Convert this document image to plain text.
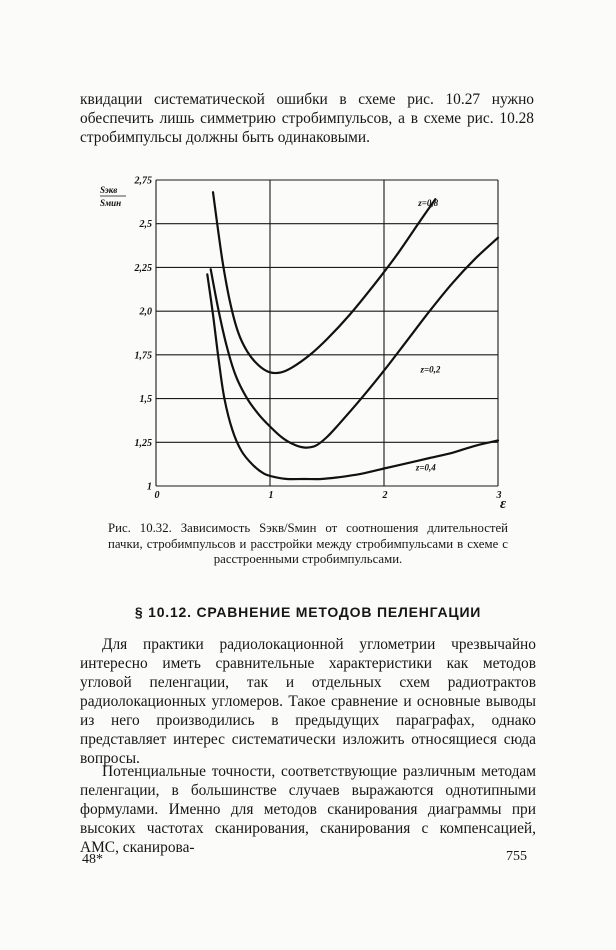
квидации систематической ошибки в схеме рис. 10.27 нужно обеспечить лишь симметрию стробимпульсов, а в схеме рис. 10.28 стробимпульсы должны быть одинаковыми.

1
1,25
1,5
1,75
2,0
2,25
2,5
2,75
0	1	2	3
Sэкв
Sмин
ε
z=0,8
z=0,2
z=0,4
Рис. 10.32. Зависимость Sэкв/Sмин от соотношения длительностей пачки, стробимпульсов и расстройки между стробимпульсами в схеме с расстроенными стробимпульсами.
§ 10.12. СРАВНЕНИЕ МЕТОДОВ ПЕЛЕНГАЦИИ

Для практики радиолокационной углометрии чрезвычайно интересно иметь сравнительные характеристики как методов угловой пеленгации, так и отдельных схем радиотрактов радиолокационных угломеров. Такое сравнение и основные выводы из него производились в предыдущих параграфах, однако представляет интерес систематически изложить относящиеся сюда вопросы.

Потенциальные точности, соответствующие различным методам пеленгации, в большинстве случаев выражаются однотипными формулами. Именно для методов сканирования диаграммы при высоких частотах сканирования, сканирования с компенсацией, АМС, сканирова-

48*	755
